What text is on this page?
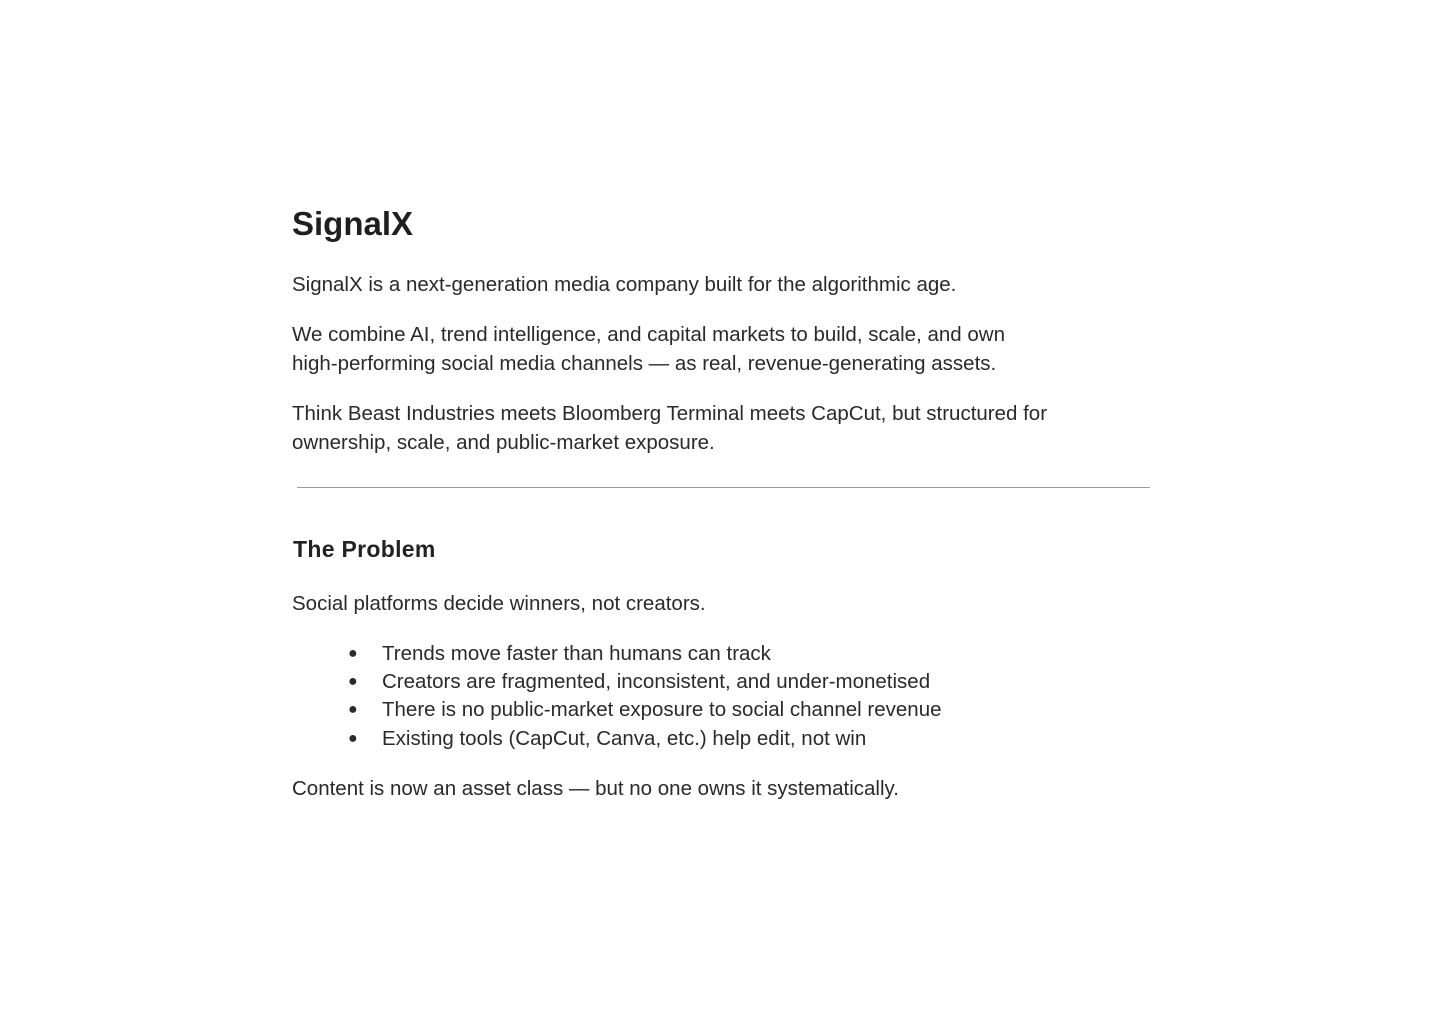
SignalX

SignalX is a next-generation media company built for the algorithmic age.

We combine AI, trend intelligence, and capital markets to build, scale, and own

high-performing social media channels — as real, revenue-generating assets.

Think Beast Industries meets Bloomberg Terminal meets CapCut, but structured for

ownership, scale, and public-market exposure.

The Problem

Social platforms decide winners, not creators.

●	Trends move faster than humans can track
●	Creators are fragmented, inconsistent, and under-monetised
●	There is no public-market exposure to social channel revenue
●	Existing tools (CapCut, Canva, etc.) help edit, not win

Content is now an asset class — but no one owns it systematically.
